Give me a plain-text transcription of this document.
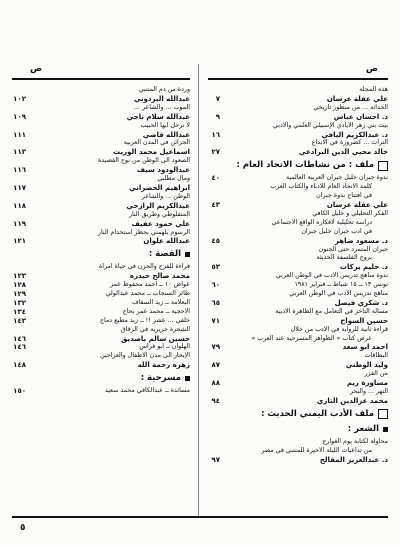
ص
ص
هذه المجلة
علي عقلة عرسان
٧
الحداثة ... من منظور تاريخي
د. احسان عباس
٩
بيت بني زهر الأيادي الإسبيلي العلمي والأدبي
د. عبدالكريم اليافي
١٦
التراث ... كضرورة في الابداع
خالد محيي الدين البرادعي
٢٧
ملف : من نشاطات الاتحاد العام :
ندوة جبران خليل جبران العربية العالمية
٤٠
كلمة الاتحاد العام للأدباء والكتاب العرب
في افتتاح ندوة جبران
علي عقلة عرسان
٤٣
الفكر التحليلي و خليل الكافي
دراسة تحليلية لأفكاره الواقع الاجتماعي
في أدب جبران خليل جبران
د. مسعود ضاهر
٤٥
جبران المتمرد حتى الجنون
بروح الفلسفة الحديثة
د. حليم بركات
٥٣
ندوة مناهج تدريس الأدب في الوطن العربي
تونس ١٣ ــ ١٥ شباط ــ فبراير ١٩٨١
٦٠
مناهج تدريس الأدب في الوطن العربي
د. شكري فيصل
٦٥
مسألة التأخر في التعامل مع الظاهرة الأدبية
حسين السواح
٧١
قراءة ثانية للرواية في الأدب من خلال
عرض كتاب « الظواهر المسرحية عند العرب »
احمد ابو سعد
٧٩
البطاقات
وليد الوطني
٨٧
من الفزر
مساورة ريم
٨٨
النهر ... والبحر
محمد عزالدين التازي
٩٤
ملف الأدب اليمني الحديث :
الشعر :
محاولة لكتابة يوم الغوارج
من تداعيات الليلة الأخيرة للمتنبي في مصر
د. عبدالعزيز المقالح
٩٧
وردة من دم المتنبي
عبدالله البردوني
١٠٢
الموت ... والشاعر ...
عبدالله سلام ناجي
١٠٩
لا ترحل أيها الحبيب
عبدالله قاضي
١١١
الحزائن في المدن العربية
اسماعيل محمد الوريث
١١٣
الصعود الى الوطن من نوح القصيدة
عبدالودود سيف
١١٦
ومال مطلبي
ابراهيم الحضراني
١١٧
الوطن ... والشاعر
عبدالكريم الرازحي
١١٨
المنفلوطي وطريق النار
علي حمود عفيف
١١٩
الرسوم يلهمني بحظر استخدام النار
عبدالله علوان
١٢١
القصة :
قراءة للفرح والحزن في حياة امرأة
محمد صالح حيدره
١٢٣
عواض ١٠ ــ احمد محفوظ عمر
١٢٨
طائر السنجاب ــ محمد عبدالولي
١٢٩
البعلامة ــ زيد السقاف
١٣٢
الأحجية ــ محمد عمر بحاح
١٣٤
خلفي ... عشر !! ــ زيد مطيع دماج
١٤٣
الشجرة حريرية في الزقاق
حسين سالم باصديق
١٤٦
الهلوان ــ ابو فراس
١٤٦
الإبحار الى مدن الأطفال والعراجين
زهره رحمة الله
١٤٨
مسرحية :
مسائدة ــ عبدالكافي محمد سعيد
١٥٠
٥
